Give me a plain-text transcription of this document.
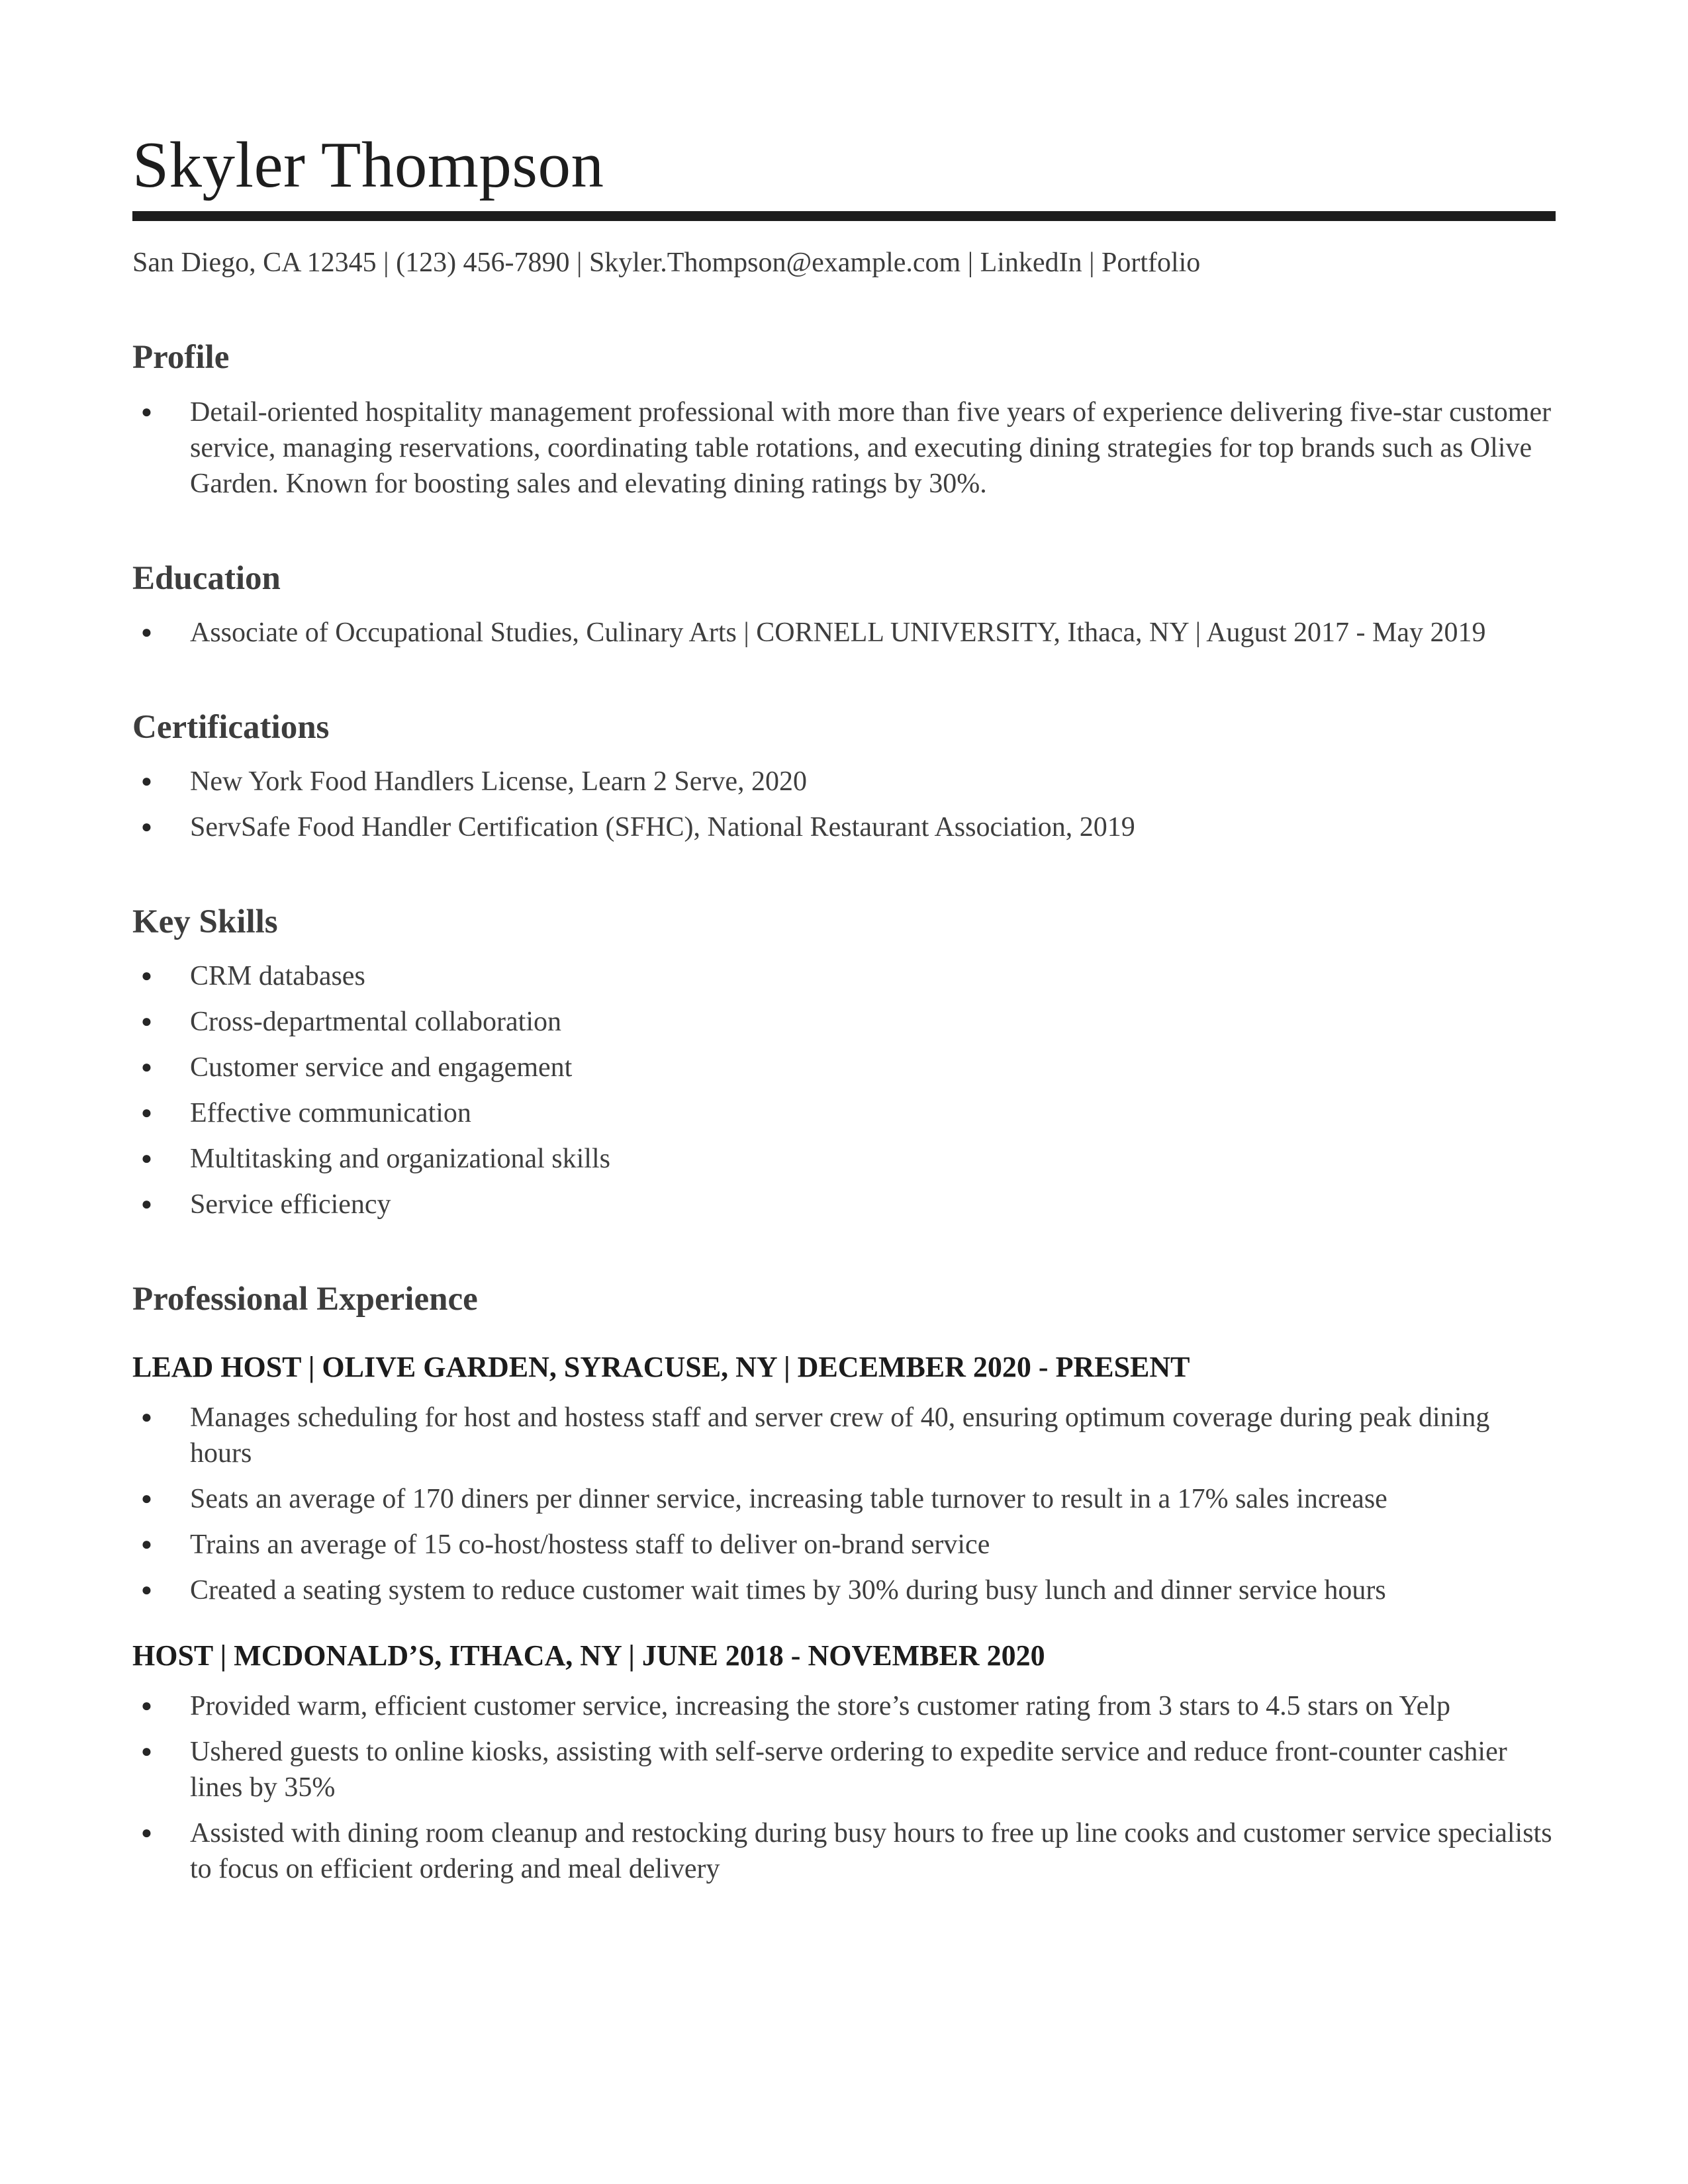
Skyler Thompson

San Diego, CA 12345 | (123) 456-7890 | Skyler.Thompson@example.com | LinkedIn | Portfolio

Profile
● Detail-oriented hospitality management professional with more than five years of experience delivering five-star customer service, managing reservations, coordinating table rotations, and executing dining strategies for top brands such as Olive Garden. Known for boosting sales and elevating dining ratings by 30%.
Education
● Associate of Occupational Studies, Culinary Arts | CORNELL UNIVERSITY, Ithaca, NY | August 2017 - May 2019
Certifications
● New York Food Handlers License, Learn 2 Serve, 2020
● ServSafe Food Handler Certification (SFHC), National Restaurant Association, 2019
Key Skills
● CRM databases
● Cross-departmental collaboration
● Customer service and engagement
● Effective communication
● Multitasking and organizational skills
● Service efficiency
Professional Experience
LEAD HOST | OLIVE GARDEN, SYRACUSE, NY | DECEMBER 2020 - PRESENT
● Manages scheduling for host and hostess staff and server crew of 40, ensuring optimum coverage during peak dining hours
● Seats an average of 170 diners per dinner service, increasing table turnover to result in a 17% sales increase
● Trains an average of 15 co-host/hostess staff to deliver on-brand service
● Created a seating system to reduce customer wait times by 30% during busy lunch and dinner service hours
HOST | MCDONALD’S, ITHACA, NY | JUNE 2018 - NOVEMBER 2020
● Provided warm, efficient customer service, increasing the store’s customer rating from 3 stars to 4.5 stars on Yelp
● Ushered guests to online kiosks, assisting with self-serve ordering to expedite service and reduce front-counter cashier lines by 35%
● Assisted with dining room cleanup and restocking during busy hours to free up line cooks and customer service specialists to focus on efficient ordering and meal delivery
